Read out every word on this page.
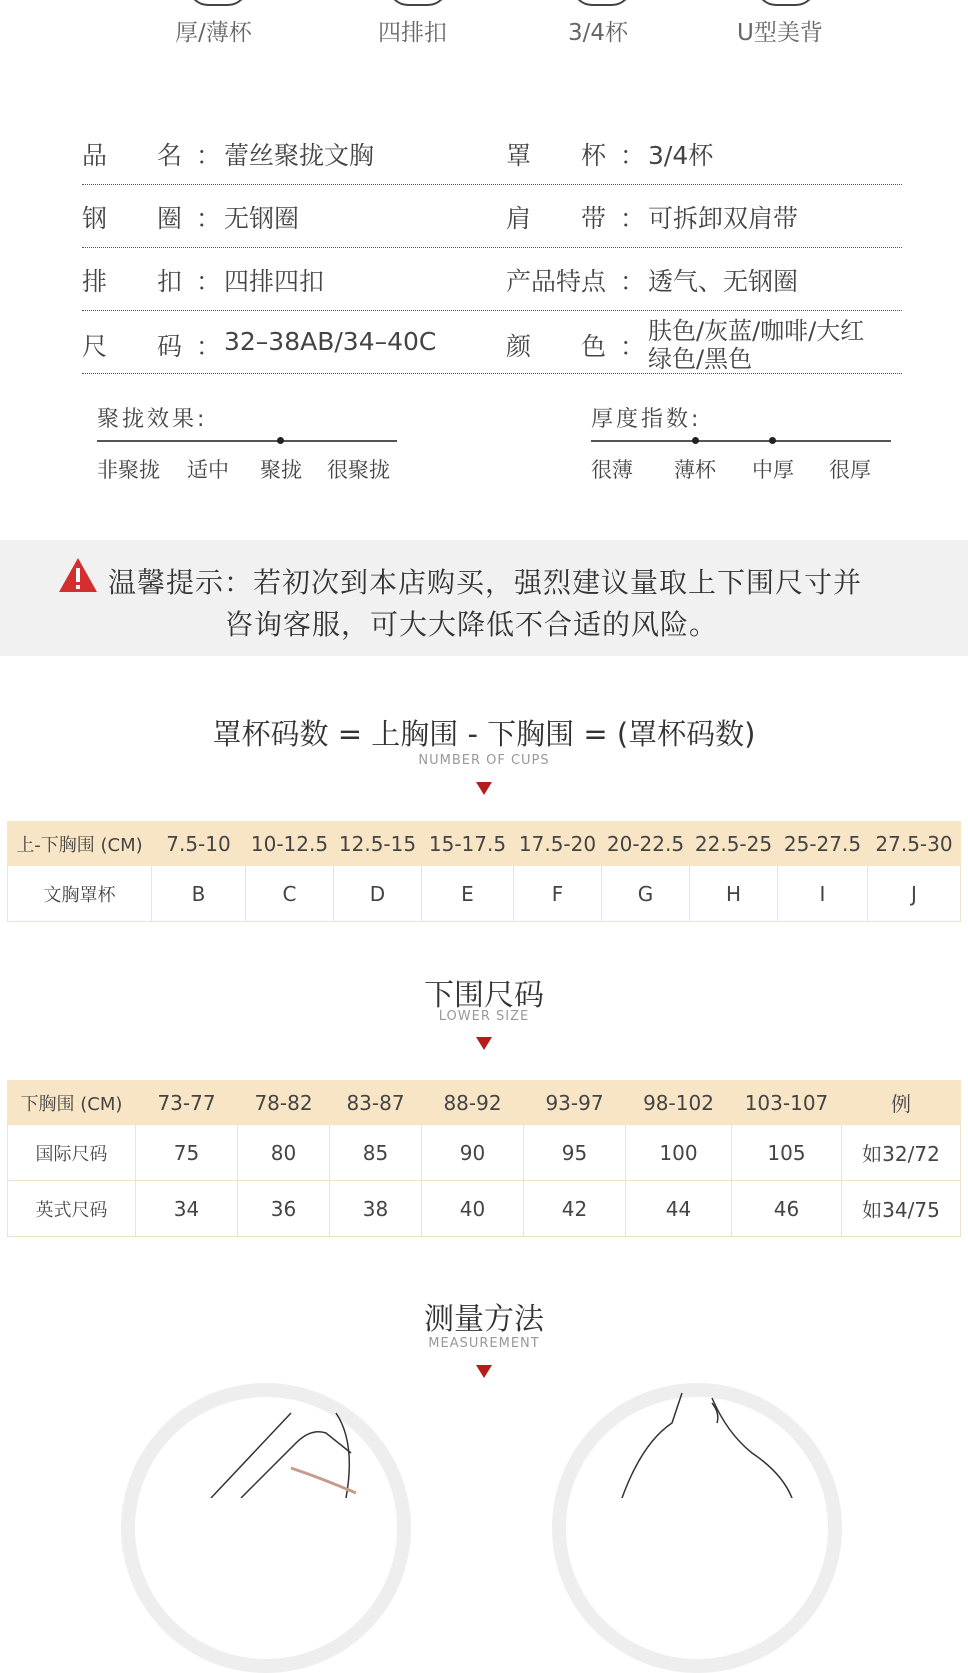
厚/薄杯	四排扣	3/4杯	U型美背
品　　名 ： 蕾丝聚拢文胸	罩　　杯 ： 3/4杯
钢　　圈 ： 无钢圈	肩　　带 ： 可拆卸双肩带
排　　扣 ： 四排四扣	产品特点 ： 透气、无钢圈
尺　　码 ： 32–38AB/34–40C	颜　　色 ：
肤色/灰蓝/咖啡/大红
绿色/黑色
聚拢效果:
非聚拢 适中 聚拢 很聚拢
厚度指数:
很薄 薄杯 中厚 很厚
温馨提示：若初次到本店购买，强烈建议量取上下围尺寸并
咨询客服，可大大降低不合适的风险。
罩杯码数 = 上胸围 - 下胸围 = (罩杯码数)
NUMBER OF CUPS
上-下胸围 (CM)	7.5-10	10-12.5	12.5-15	15-17.5	17.5-20	20-22.5	22.5-25	25-27.5	27.5-30
文胸罩杯	B	C	D	E	F	G	H	I	J
下围尺码
LOWER SIZE
下胸围 (CM)	73-77	78-82	83-87	88-92	93-97	98-102	103-107	例
国际尺码	75	80	85	90	95	100	105	如32/72
英式尺码	34	36	38	40	42	44	46	如34/75
测量方法
MEASUREMENT
